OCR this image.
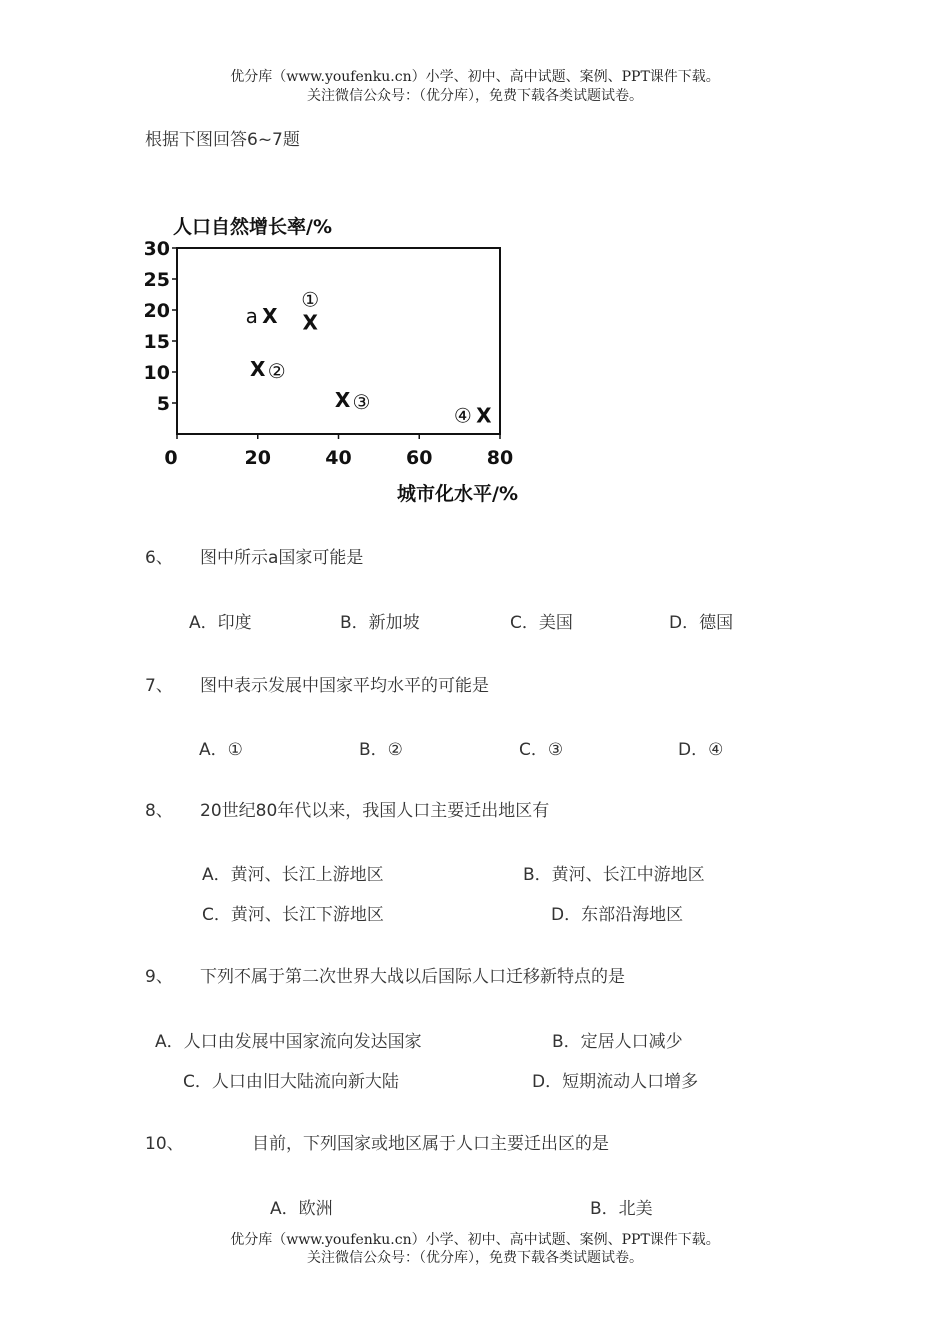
优分库（www.youfenku.cn）小学、初中、高中试题、案例、PPT课件下载。
关注微信公众号：（优分库），免费下载各类试题试卷。
根据下图回答6~7题
人口自然增长率/%
30
25
20
15
10
5
0	20	40	60	80
X
a X
①
X ②
X ③
X
④
城市化水平/%
6、 图中所示a国家可能是
A．印度	B．新加坡	C．美国	D．德国
7、 图中表示发展中国家平均水平的可能是
A．①	B．②	C．③	D．④
8、 20世纪80年代以来，我国人口主要迁出地区有
A．黄河、长江上游地区	B．黄河、长江中游地区
C．黄河、长江下游地区	D．东部沿海地区
9、 下列不属于第二次世界大战以后国际人口迁移新特点的是
A．人口由发展中国家流向发达国家	B．定居人口减少
C．人口由旧大陆流向新大陆	D．短期流动人口增多
10、	目前，下列国家或地区属于人口主要迁出区的是
A．欧洲	B．北美
优分库（www.youfenku.cn）小学、初中、高中试题、案例、PPT课件下载。
关注微信公众号：（优分库），免费下载各类试题试卷。
